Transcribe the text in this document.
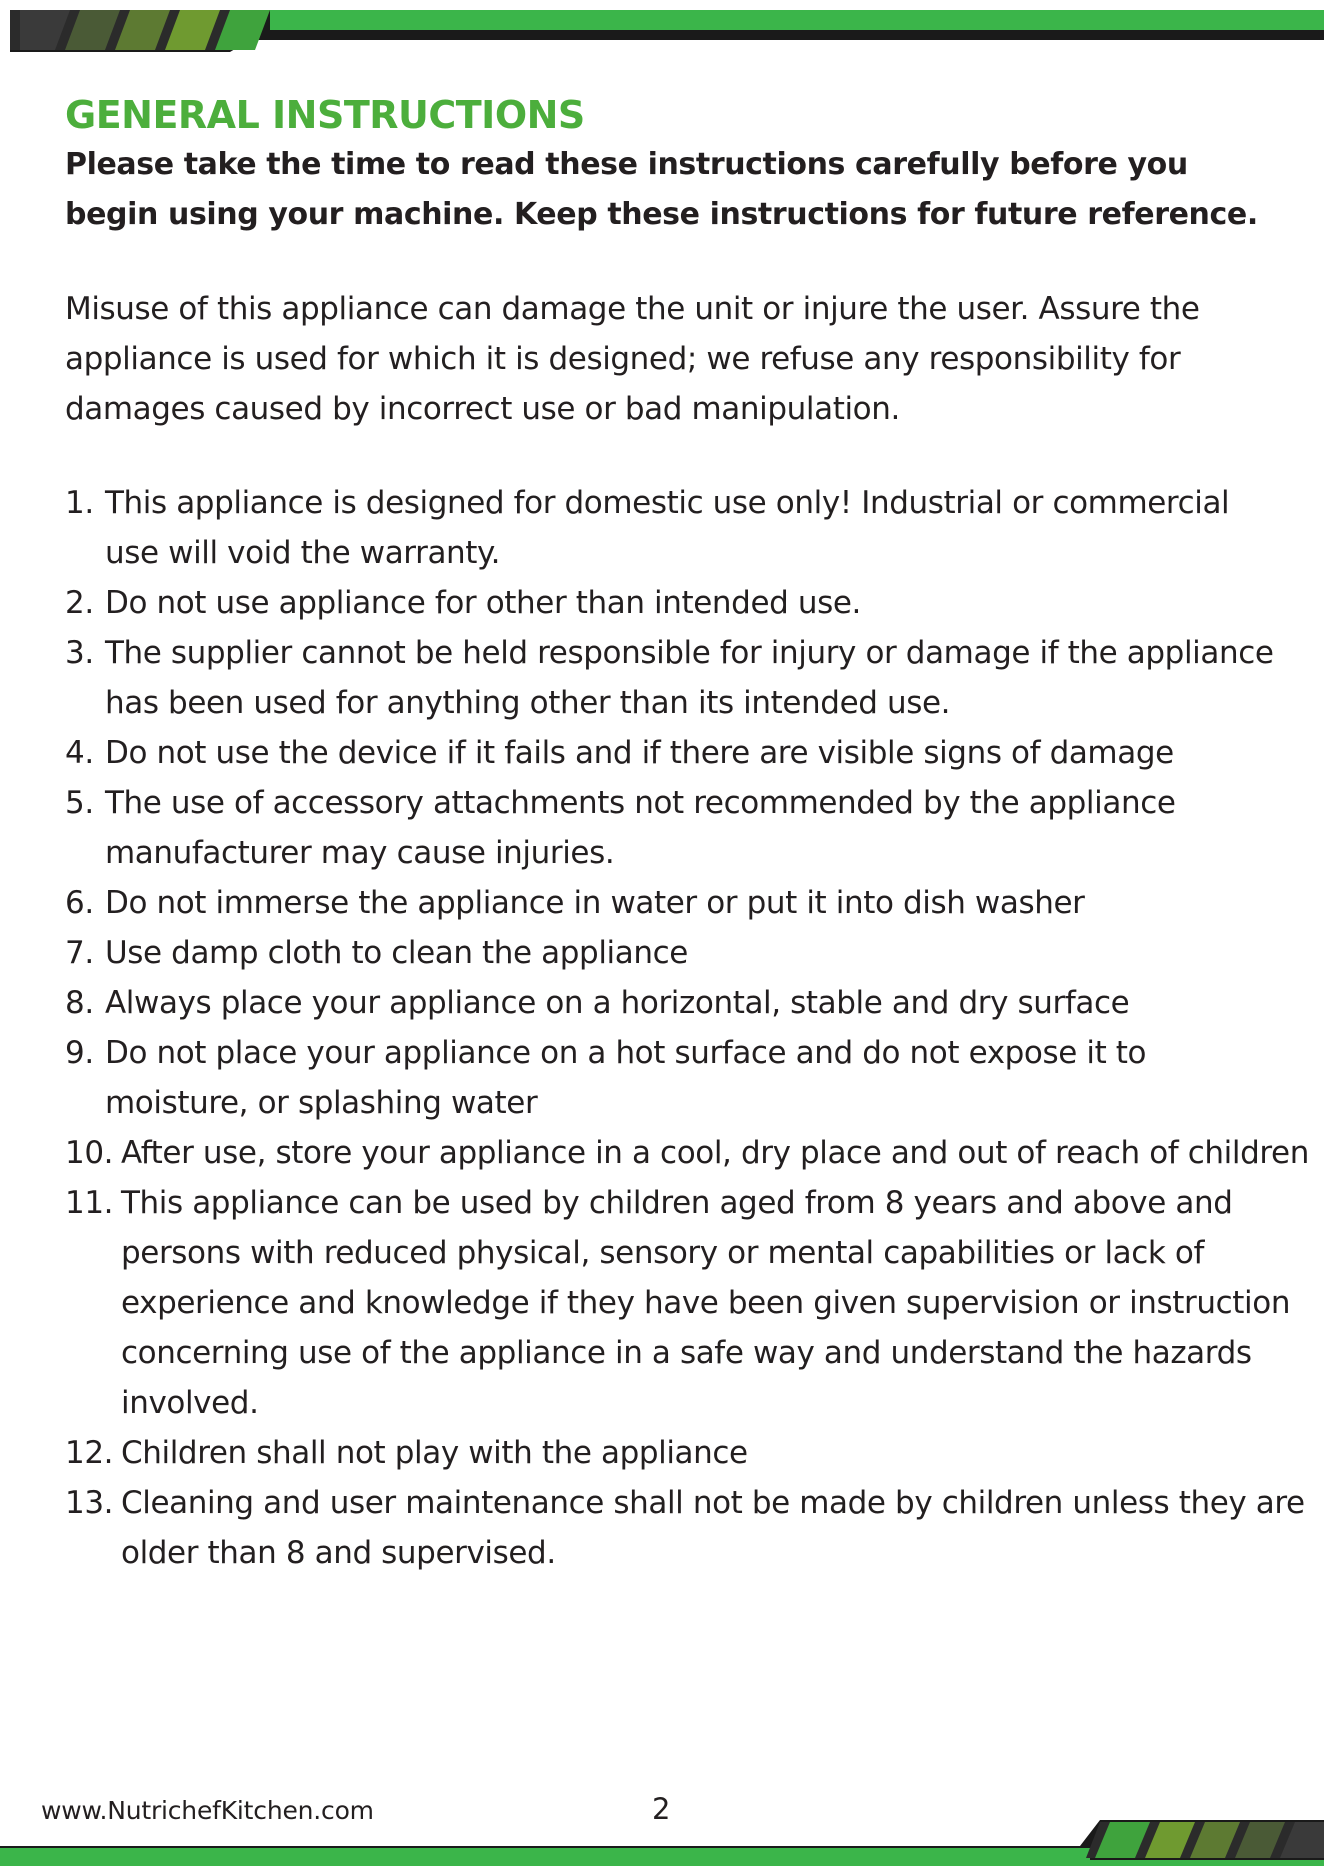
GENERAL INSTRUCTIONS

Please take the time to read these instructions carefully before you begin using your machine. Keep these instructions for future reference.

Misuse of this appliance can damage the unit or injure the user. Assure the appliance is used for which it is designed; we refuse any responsibility for damages caused by incorrect use or bad manipulation.

1. This appliance is designed for domestic use only! Industrial or commercial use will void the warranty.
2. Do not use appliance for other than intended use.
3. The supplier cannot be held responsible for injury or damage if the appliance has been used for anything other than its intended use.
4. Do not use the device if it fails and if there are visible signs of damage
5. The use of accessory attachments not recommended by the appliance manufacturer may cause injuries.
6. Do not immerse the appliance in water or put it into dish washer
7. Use damp cloth to clean the appliance
8. Always place your appliance on a horizontal, stable and dry surface
9. Do not place your appliance on a hot surface and do not expose it to moisture, or splashing water
10. After use, store your appliance in a cool, dry place and out of reach of children
11. This appliance can be used by children aged from 8 years and above and persons with reduced physical, sensory or mental capabilities or lack of experience and knowledge if they have been given supervision or instruction concerning use of the appliance in a safe way and understand the hazards involved.
12. Children shall not play with the appliance
13. Cleaning and user maintenance shall not be made by children unless they are older than 8 and supervised.
www.NutrichefKitchen.com	2
